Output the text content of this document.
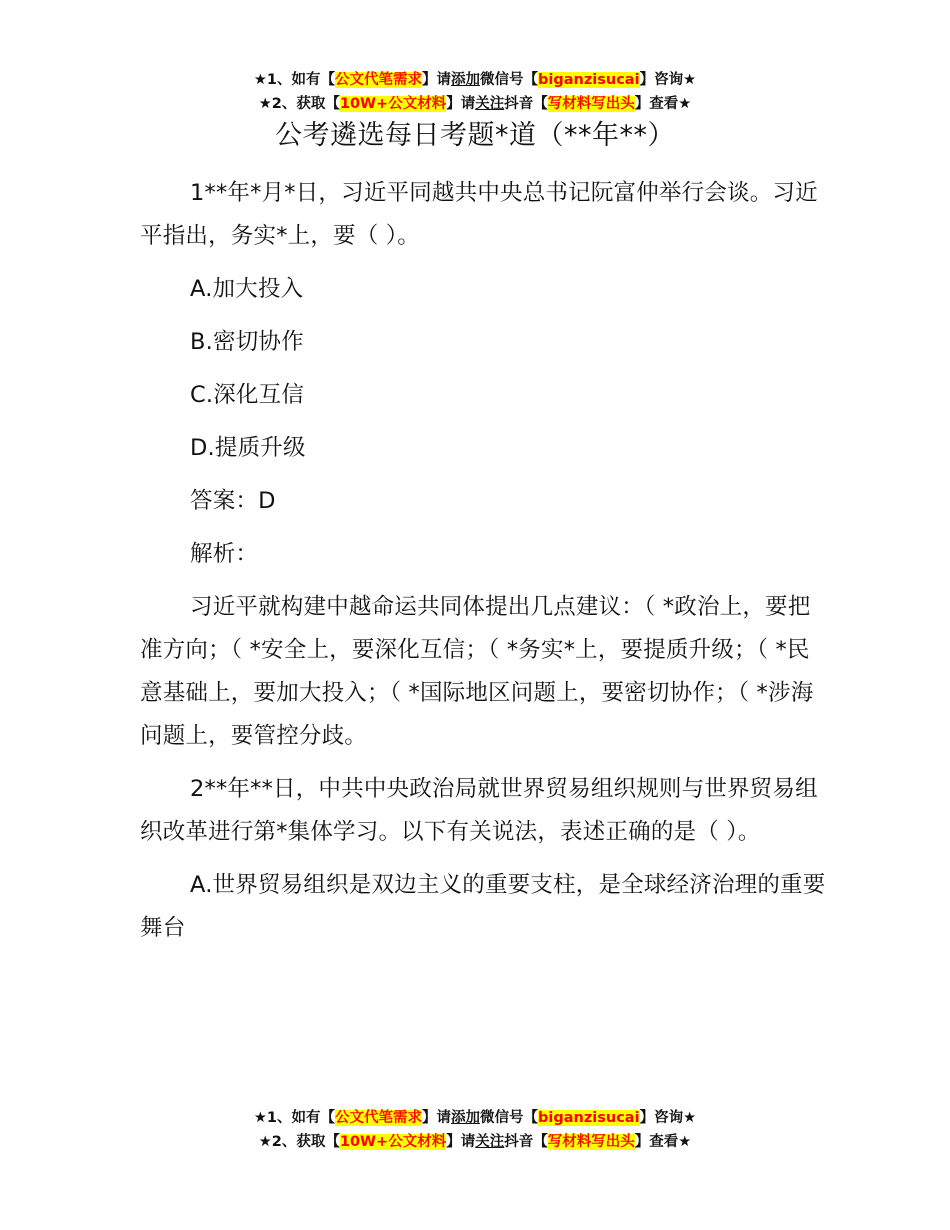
★1、如有【公文代笔需求】请添加微信号【biganzisucai】咨询★
★2、获取【10W+公文材料】请关注抖音【写材料写出头】查看★
公考遴选每日考题*道（**年**）

1**年*月*日，习近平同越共中央总书记阮富仲举行会谈。习近平指出，务实*上，要（ ）。

A.加大投入

B.密切协作

C.深化互信

D.提质升级

答案：D

解析：

习近平就构建中越命运共同体提出几点建议：（ *政治上，要把准方向；（ *安全上，要深化互信；（ *务实*上，要提质升级；（ *民意基础上，要加大投入；（ *国际地区问题上，要密切协作；（ *涉海问题上，要管控分歧。

2**年**日，中共中央政治局就世界贸易组织规则与世界贸易组织改革进行第*集体学习。以下有关说法，表述正确的是（ ）。

A.世界贸易组织是双边主义的重要支柱，是全球经济治理的重要舞台

★1、如有【公文代笔需求】请添加微信号【biganzisucai】咨询★
★2、获取【10W+公文材料】请关注抖音【写材料写出头】查看★
